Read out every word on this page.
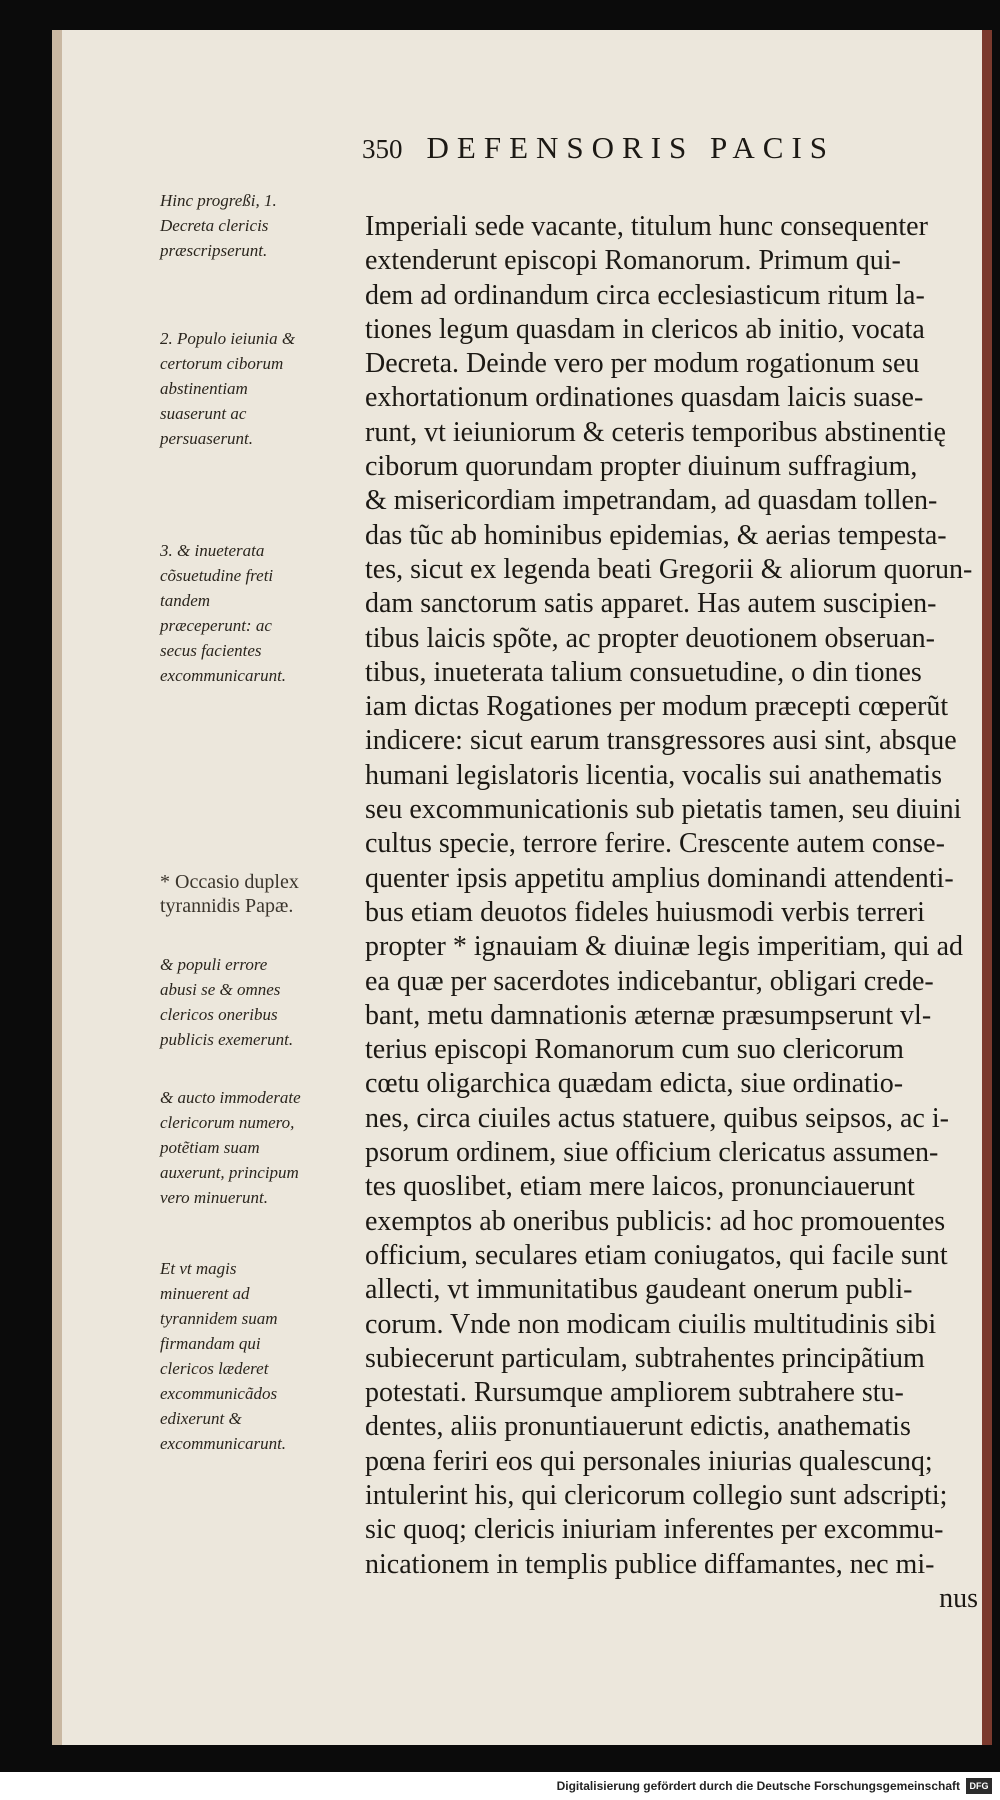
350 DEFENSORIS PACIS
Hinc progreßi, 1. Decreta clericis præscripserunt.
2. Populo ieiunia & certorum ciborum abstinentiam suaserunt ac persuaserunt.
3. & inueterata cõsuetudine freti tandem præceperunt: ac secus facientes excommunicarunt.
* Occasio duplex tyrannidis Papæ.
& populi errore abusi se & omnes clericos oneribus publicis exemerunt.
& aucto immoderate clericorum numero, potẽtiam suam auxerunt, principum vero minuerunt.
Et vt magis minuerent ad tyrannidem suam firmandam qui clericos læderet excommunicãdos edixerunt & excommunicarunt.
Imperiali sede vacante, titulum hunc consequenter
extenderunt episcopi Romanorum. Primum qui-
dem ad ordinandum circa ecclesiasticum ritum la-
tiones legum quasdam in clericos ab initio, vocata
Decreta. Deinde vero per modum rogationum seu
exhortationum ordinationes quasdam laicis suase-
runt, vt ieiuniorum & ceteris temporibus abstinentię
ciborum quorundam propter diuinum suffragium,
& misericordiam impetrandam, ad quasdam tollen-
das tũc ab hominibus epidemias, & aerias tempesta-
tes, sicut ex legenda beati Gregorii & aliorum quorun-
dam sanctorum satis apparet. Has autem suscipien-
tibus laicis spõte, ac propter deuotionem obseruan-
tibus, inueterata talium consuetudine, o din tiones
iam dictas Rogationes per modum præcepti cœperũt
indicere: sicut earum transgressores ausi sint, absque
humani legislatoris licentia, vocalis sui anathematis
seu excommunicationis sub pietatis tamen, seu diuini
cultus specie, terrore ferire. Crescente autem conse-
quenter ipsis appetitu amplius dominandi attendenti-
bus etiam deuotos fideles huiusmodi verbis terreri
propter * ignauiam & diuinæ legis imperitiam, qui ad
ea quæ per sacerdotes indicebantur, obligari crede-
bant, metu damnationis æternæ præsumpserunt vl-
terius episcopi Romanorum cum suo clericorum
cœtu oligarchica quædam edicta, siue ordinatio-
nes, circa ciuiles actus statuere, quibus seipsos, ac i-
psorum ordinem, siue officium clericatus assumen-
tes quoslibet, etiam mere laicos, pronunciauerunt
exemptos ab oneribus publicis: ad hoc promouentes
officium, seculares etiam coniugatos, qui facile sunt
allecti, vt immunitatibus gaudeant onerum publi-
corum. Vnde non modicam ciuilis multitudinis sibi
subiecerunt particulam, subtrahentes principãtium
potestati. Rursumque ampliorem subtrahere stu-
dentes, aliis pronuntiauerunt edictis, anathematis
pœna feriri eos qui personales iniurias qualescunq;
intulerint his, qui clericorum collegio sunt adscripti;
sic quoq; clericis iniuriam inferentes per excommu-
nicationem in templis publice diffamantes, nec mi-
nus
Digitalisierung gefördert durch die Deutsche Forschungsgemeinschaft	DFG
